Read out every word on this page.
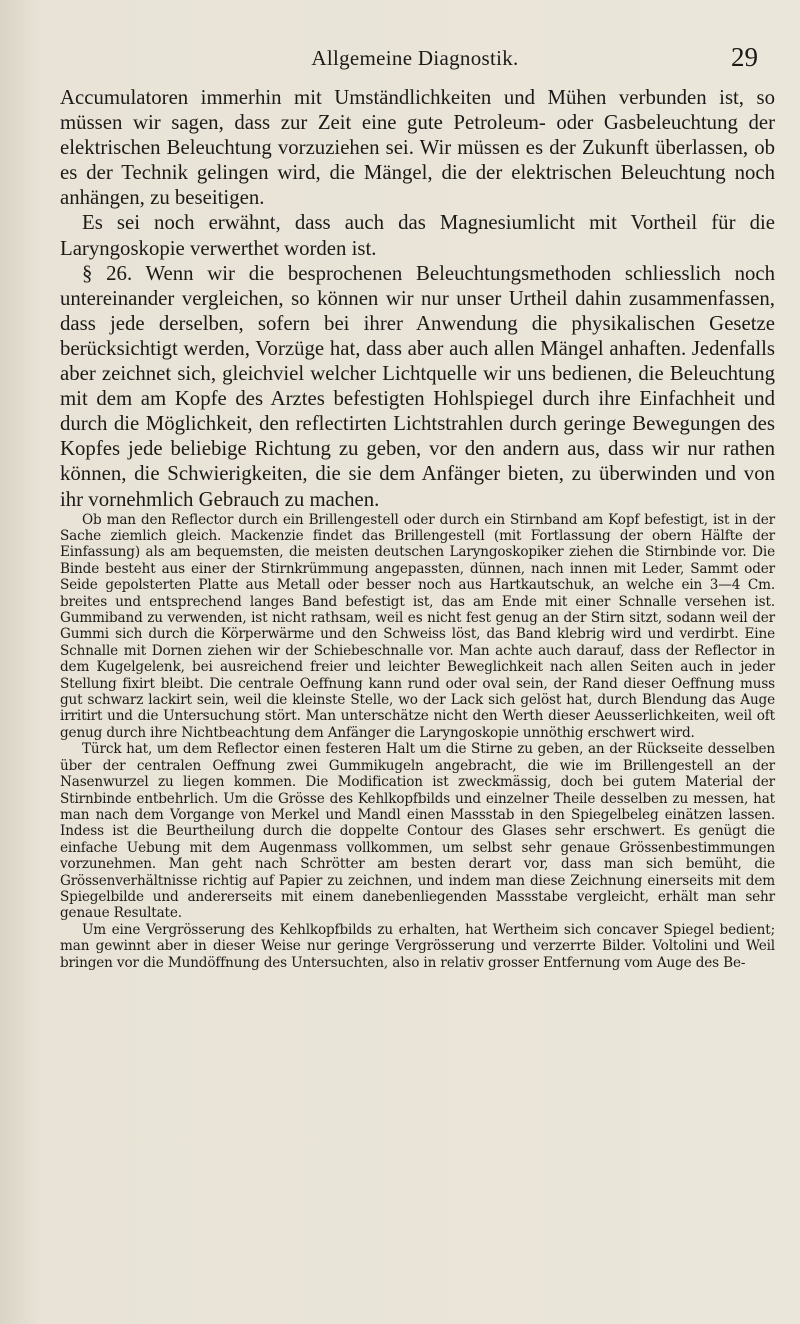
Allgemeine Diagnostik.	29

Accumulatoren immerhin mit Umständlichkeiten und Mühen verbunden ist, so müssen wir sagen, dass zur Zeit eine gute Petroleum- oder Gasbeleuchtung der elektrischen Beleuchtung vorzuziehen sei. Wir müssen es der Zukunft überlassen, ob es der Technik gelingen wird, die Mängel, die der elektrischen Beleuchtung noch anhängen, zu beseitigen.

Es sei noch erwähnt, dass auch das Magnesiumlicht mit Vortheil für die Laryngoskopie verwerthet worden ist.

§ 26. Wenn wir die besprochenen Beleuchtungsmethoden schliesslich noch untereinander vergleichen, so können wir nur unser Urtheil dahin zusammenfassen, dass jede derselben, sofern bei ihrer Anwendung die physikalischen Gesetze berücksichtigt werden, Vorzüge hat, dass aber auch allen Mängel anhaften. Jedenfalls aber zeichnet sich, gleichviel welcher Lichtquelle wir uns bedienen, die Beleuchtung mit dem am Kopfe des Arztes befestigten Hohlspiegel durch ihre Einfachheit und durch die Möglichkeit, den reflectirten Lichtstrahlen durch geringe Bewegungen des Kopfes jede beliebige Richtung zu geben, vor den andern aus, dass wir nur rathen können, die Schwierigkeiten, die sie dem Anfänger bieten, zu überwinden und von ihr vornehmlich Gebrauch zu machen.

Ob man den Reflector durch ein Brillengestell oder durch ein Stirnband am Kopf befestigt, ist in der Sache ziemlich gleich. Mackenzie findet das Brillengestell (mit Fortlassung der obern Hälfte der Einfassung) als am bequemsten, die meisten deutschen Laryngoskopiker ziehen die Stirnbinde vor. Die Binde besteht aus einer der Stirnkrümmung angepassten, dünnen, nach innen mit Leder, Sammt oder Seide gepolsterten Platte aus Metall oder besser noch aus Hartkautschuk, an welche ein 3—4 Cm. breites und entsprechend langes Band befestigt ist, das am Ende mit einer Schnalle versehen ist. Gummiband zu verwenden, ist nicht rathsam, weil es nicht fest genug an der Stirn sitzt, sodann weil der Gummi sich durch die Körperwärme und den Schweiss löst, das Band klebrig wird und verdirbt. Eine Schnalle mit Dornen ziehen wir der Schiebeschnalle vor. Man achte auch darauf, dass der Reflector in dem Kugelgelenk, bei ausreichend freier und leichter Beweglichkeit nach allen Seiten auch in jeder Stellung fixirt bleibt. Die centrale Oeffnung kann rund oder oval sein, der Rand dieser Oeffnung muss gut schwarz lackirt sein, weil die kleinste Stelle, wo der Lack sich gelöst hat, durch Blendung das Auge irritirt und die Untersuchung stört. Man unterschätze nicht den Werth dieser Aeusserlichkeiten, weil oft genug durch ihre Nichtbeachtung dem Anfänger die Laryngoskopie unnöthig erschwert wird.

Türck hat, um dem Reflector einen festeren Halt um die Stirne zu geben, an der Rückseite desselben über der centralen Oeffnung zwei Gummikugeln angebracht, die wie im Brillengestell an der Nasenwurzel zu liegen kommen. Die Modification ist zweckmässig, doch bei gutem Material der Stirnbinde entbehrlich. Um die Grösse des Kehlkopfbilds und einzelner Theile desselben zu messen, hat man nach dem Vorgange von Merkel und Mandl einen Massstab in den Spiegelbeleg einätzen lassen. Indess ist die Beurtheilung durch die doppelte Contour des Glases sehr erschwert. Es genügt die einfache Uebung mit dem Augenmass vollkommen, um selbst sehr genaue Grössenbestimmungen vorzunehmen. Man geht nach Schrötter am besten derart vor, dass man sich bemüht, die Grössenverhältnisse richtig auf Papier zu zeichnen, und indem man diese Zeichnung einerseits mit dem Spiegelbilde und andererseits mit einem danebenliegenden Massstabe vergleicht, erhält man sehr genaue Resultate.

Um eine Vergrösserung des Kehlkopfbilds zu erhalten, hat Wertheim sich concaver Spiegel bedient; man gewinnt aber in dieser Weise nur geringe Vergrösserung und verzerrte Bilder. Voltolini und Weil bringen vor die Mundöffnung des Untersuchten, also in relativ grosser Entfernung vom Auge des Be-
